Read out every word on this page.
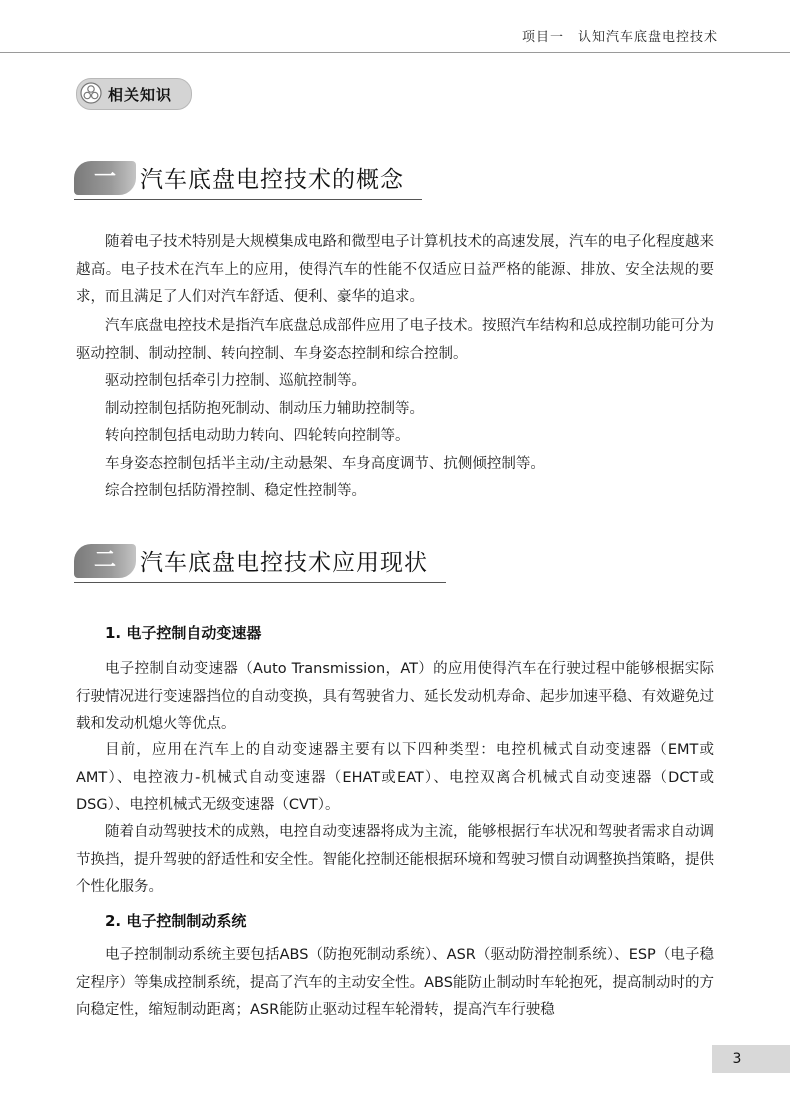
项目一　认知汽车底盘电控技术
相关知识
一	汽车底盘电控技术的概念

随着电子技术特别是大规模集成电路和微型电子计算机技术的高速发展，汽车的电子化程度越来越高。电子技术在汽车上的应用，使得汽车的性能不仅适应日益严格的能源、排放、安全法规的要求，而且满足了人们对汽车舒适、便利、豪华的追求。

汽车底盘电控技术是指汽车底盘总成部件应用了电子技术。按照汽车结构和总成控制功能可分为驱动控制、制动控制、转向控制、车身姿态控制和综合控制。

驱动控制包括牵引力控制、巡航控制等。

制动控制包括防抱死制动、制动压力辅助控制等。

转向控制包括电动助力转向、四轮转向控制等。

车身姿态控制包括半主动/主动悬架、车身高度调节、抗侧倾控制等。

综合控制包括防滑控制、稳定性控制等。

二	汽车底盘电控技术应用现状

1. 电子控制自动变速器

电子控制自动变速器（Auto Transmission，AT）的应用使得汽车在行驶过程中能够根据实际行驶情况进行变速器挡位的自动变换，具有驾驶省力、延长发动机寿命、起步加速平稳、有效避免过载和发动机熄火等优点。

目前，应用在汽车上的自动变速器主要有以下四种类型：电控机械式自动变速器（EMT或AMT）、电控液力-机械式自动变速器（EHAT或EAT）、电控双离合机械式自动变速器（DCT或DSG）、电控机械式无级变速器（CVT）。

随着自动驾驶技术的成熟，电控自动变速器将成为主流，能够根据行车状况和驾驶者需求自动调节换挡，提升驾驶的舒适性和安全性。智能化控制还能根据环境和驾驶习惯自动调整换挡策略，提供个性化服务。

2. 电子控制制动系统

电子控制制动系统主要包括ABS（防抱死制动系统）、ASR（驱动防滑控制系统）、ESP（电子稳定程序）等集成控制系统，提高了汽车的主动安全性。ABS能防止制动时车轮抱死，提高制动时的方向稳定性，缩短制动距离；ASR能防止驱动过程车轮滑转，提高汽车行驶稳

3
